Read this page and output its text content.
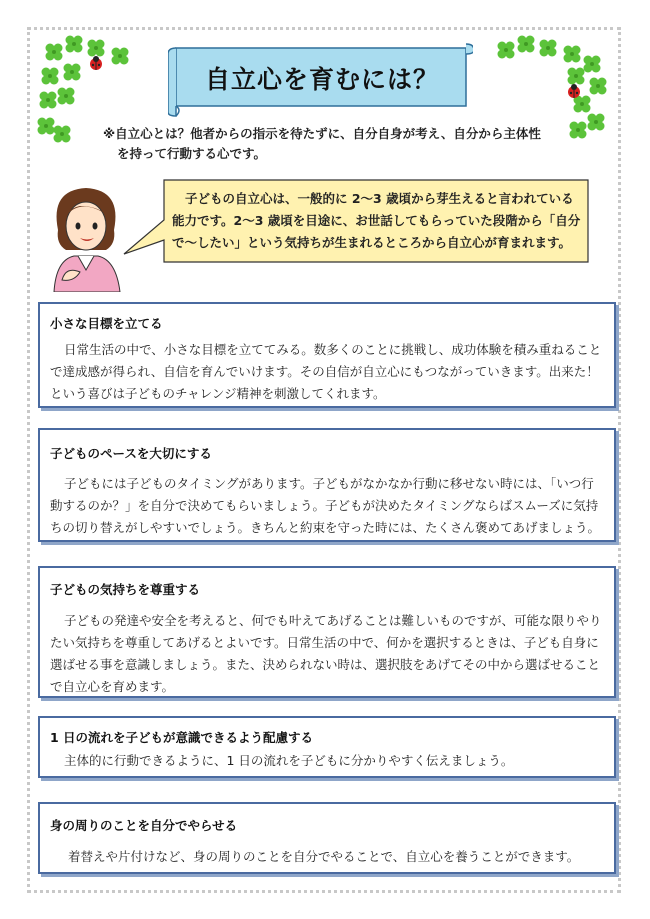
自立心を育むには？
※自立心とは？他者からの指示を待たずに、自分自身が考え、自分から主体性
を持って行動する心です。
子どもの自立心は、一般的に 2～3 歳頃から芽生えると言われている
能力です。2～3 歳頃を目途に、お世話してもらっていた段階から「自分
で～したい」という気持ちが生まれるところから自立心が育まれます。
小さな目標を立てる
日常生活の中で、小さな目標を立ててみる。数多くのことに挑戦し、成功体験を積み重ねることで達成感が得られ、自信を育んでいけます。その自信が自立心にもつながっていきます。出来た！という喜びは子どものチャレンジ精神を刺激してくれます。
子どものペースを大切にする
子どもには子どものタイミングがあります。子どもがなかなか行動に移せない時には、「いつ行動するのか？」を自分で決めてもらいましょう。子どもが決めたタイミングならばスムーズに気持ちの切り替えがしやすいでしょう。きちんと約束を守った時には、たくさん褒めてあげましょう。
子どもの気持ちを尊重する
子どもの発達や安全を考えると、何でも叶えてあげることは難しいものですが、可能な限りやりたい気持ちを尊重してあげるとよいです。日常生活の中で、何かを選択するときは、子ども自身に選ばせる事を意識しましょう。また、決められない時は、選択肢をあげてその中から選ばせることで自立心を育めます。
1 日の流れを子どもが意識できるよう配慮する
主体的に行動できるように、1 日の流れを子どもに分かりやすく伝えましょう。
身の周りのことを自分でやらせる
着替えや片付けなど、身の周りのことを自分でやることで、自立心を養うことができます。
